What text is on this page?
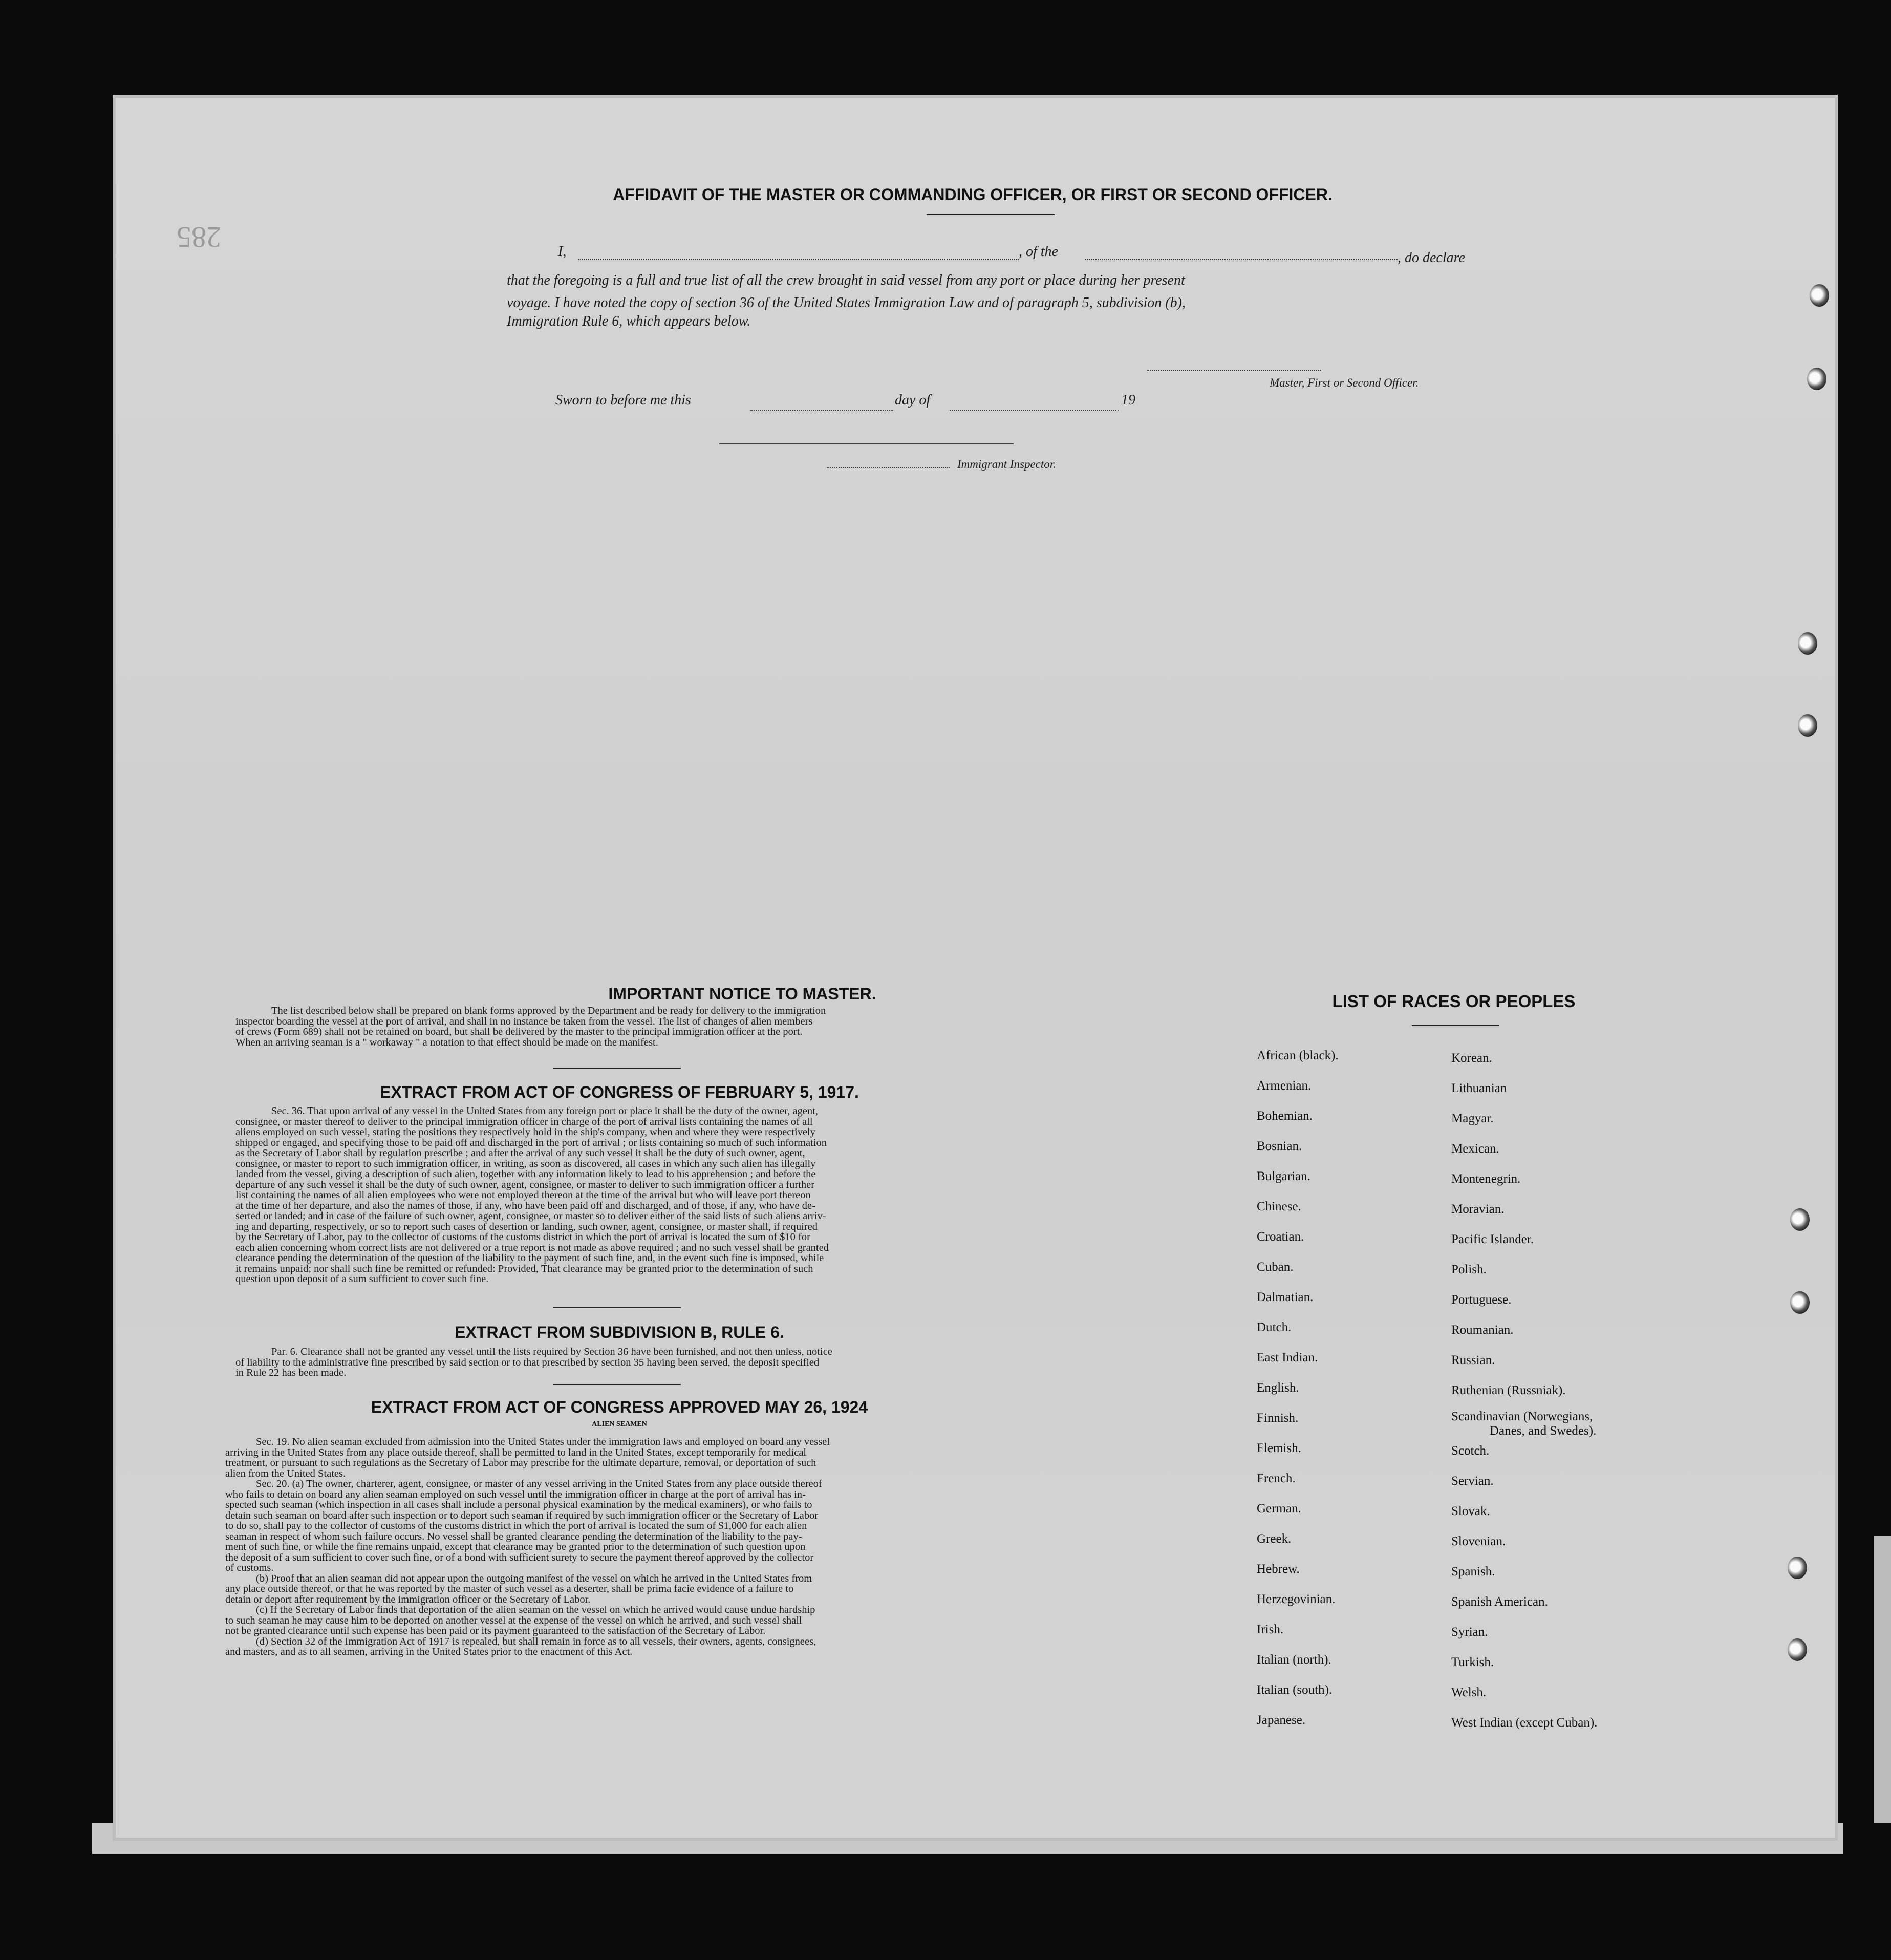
285
AFFIDAVIT OF THE MASTER OR COMMANDING OFFICER, OR FIRST OR SECOND OFFICER.
I,	, of the	, do declare
that the foregoing is a full and true list of all the crew brought in said vessel from any port or place during her present
voyage. I have noted the copy of section 36 of the United States Immigration Law and of paragraph 5, subdivision (b),
Immigration Rule 6, which appears below.
Master, First or Second Officer.
Sworn to before me this	day of	19
Immigrant Inspector.
IMPORTANT NOTICE TO MASTER.
The list described below shall be prepared on blank forms approved by the Department and be ready for delivery to the immigration
inspector boarding the vessel at the port of arrival, and shall in no instance be taken from the vessel. The list of changes of alien members
of crews (Form 689) shall not be retained on board, but shall be delivered by the master to the principal immigration officer at the port.
When an arriving seaman is a " workaway " a notation to that effect should be made on the manifest.
EXTRACT FROM ACT OF CONGRESS OF FEBRUARY 5, 1917.
Sec. 36. That upon arrival of any vessel in the United States from any foreign port or place it shall be the duty of the owner, agent,
consignee, or master thereof to deliver to the principal immigration officer in charge of the port of arrival lists containing the names of all
aliens employed on such vessel, stating the positions they respectively hold in the ship's company, when and where they were respectively
shipped or engaged, and specifying those to be paid off and discharged in the port of arrival ; or lists containing so much of such information
as the Secretary of Labor shall by regulation prescribe ; and after the arrival of any such vessel it shall be the duty of such owner, agent,
consignee, or master to report to such immigration officer, in writing, as soon as discovered, all cases in which any such alien has illegally
landed from the vessel, giving a description of such alien, together with any information likely to lead to his apprehension ; and before the
departure of any such vessel it shall be the duty of such owner, agent, consignee, or master to deliver to such immigration officer a further
list containing the names of all alien employees who were not employed thereon at the time of the arrival but who will leave port thereon
at the time of her departure, and also the names of those, if any, who have been paid off and discharged, and of those, if any, who have de-
serted or landed; and in case of the failure of such owner, agent, consignee, or master so to deliver either of the said lists of such aliens arriv-
ing and departing, respectively, or so to report such cases of desertion or landing, such owner, agent, consignee, or master shall, if required
by the Secretary of Labor, pay to the collector of customs of the customs district in which the port of arrival is located the sum of $10 for
each alien concerning whom correct lists are not delivered or a true report is not made as above required ; and no such vessel shall be granted
clearance pending the determination of the question of the liability to the payment of such fine, and, in the event such fine is imposed, while
it remains unpaid; nor shall such fine be remitted or refunded: Provided, That clearance may be granted prior to the determination of such
question upon deposit of a sum sufficient to cover such fine.
EXTRACT FROM SUBDIVISION B, RULE 6.
Par. 6. Clearance shall not be granted any vessel until the lists required by Section 36 have been furnished, and not then unless, notice
of liability to the administrative fine prescribed by said section or to that prescribed by section 35 having been served, the deposit specified
in Rule 22 has been made.
EXTRACT FROM ACT OF CONGRESS APPROVED MAY 26, 1924
ALIEN SEAMEN
Sec. 19. No alien seaman excluded from admission into the United States under the immigration laws and employed on board any vessel
arriving in the United States from any place outside thereof, shall be permitted to land in the United States, except temporarily for medical
treatment, or pursuant to such regulations as the Secretary of Labor may prescribe for the ultimate departure, removal, or deportation of such
alien from the United States.
Sec. 20. (a) The owner, charterer, agent, consignee, or master of any vessel arriving in the United States from any place outside thereof
who fails to detain on board any alien seaman employed on such vessel until the immigration officer in charge at the port of arrival has in-
spected such seaman (which inspection in all cases shall include a personal physical examination by the medical examiners), or who fails to
detain such seaman on board after such inspection or to deport such seaman if required by such immigration officer or the Secretary of Labor
to do so, shall pay to the collector of customs of the customs district in which the port of arrival is located the sum of $1,000 for each alien
seaman in respect of whom such failure occurs. No vessel shall be granted clearance pending the determination of the liability to the pay-
ment of such fine, or while the fine remains unpaid, except that clearance may be granted prior to the determination of such question upon
the deposit of a sum sufficient to cover such fine, or of a bond with sufficient surety to secure the payment thereof approved by the collector
of customs.
(b) Proof that an alien seaman did not appear upon the outgoing manifest of the vessel on which he arrived in the United States from
any place outside thereof, or that he was reported by the master of such vessel as a deserter, shall be prima facie evidence of a failure to
detain or deport after requirement by the immigration officer or the Secretary of Labor.
(c) If the Secretary of Labor finds that deportation of the alien seaman on the vessel on which he arrived would cause undue hardship
to such seaman he may cause him to be deported on another vessel at the expense of the vessel on which he arrived, and such vessel shall
not be granted clearance until such expense has been paid or its payment guaranteed to the satisfaction of the Secretary of Labor.
(d) Section 32 of the Immigration Act of 1917 is repealed, but shall remain in force as to all vessels, their owners, agents, consignees,
and masters, and as to all seamen, arriving in the United States prior to the enactment of this Act.
LIST OF RACES OR PEOPLES
African (black).
Armenian.
Bohemian.
Bosnian.
Bulgarian.
Chinese.
Croatian.
Cuban.
Dalmatian.
Dutch.
East Indian.
English.
Finnish.
Flemish.
French.
German.
Greek.
Hebrew.
Herzegovinian.
Irish.
Italian (north).
Italian (south).
Japanese.
Korean.
Lithuanian
Magyar.
Mexican.
Montenegrin.
Moravian.
Pacific Islander.
Polish.
Portuguese.
Roumanian.
Russian.
Ruthenian (Russniak).
Scandinavian (Norwegians,
Danes, and Swedes).
Scotch.
Servian.
Slovak.
Slovenian.
Spanish.
Spanish American.
Syrian.
Turkish.
Welsh.
West Indian (except Cuban).
